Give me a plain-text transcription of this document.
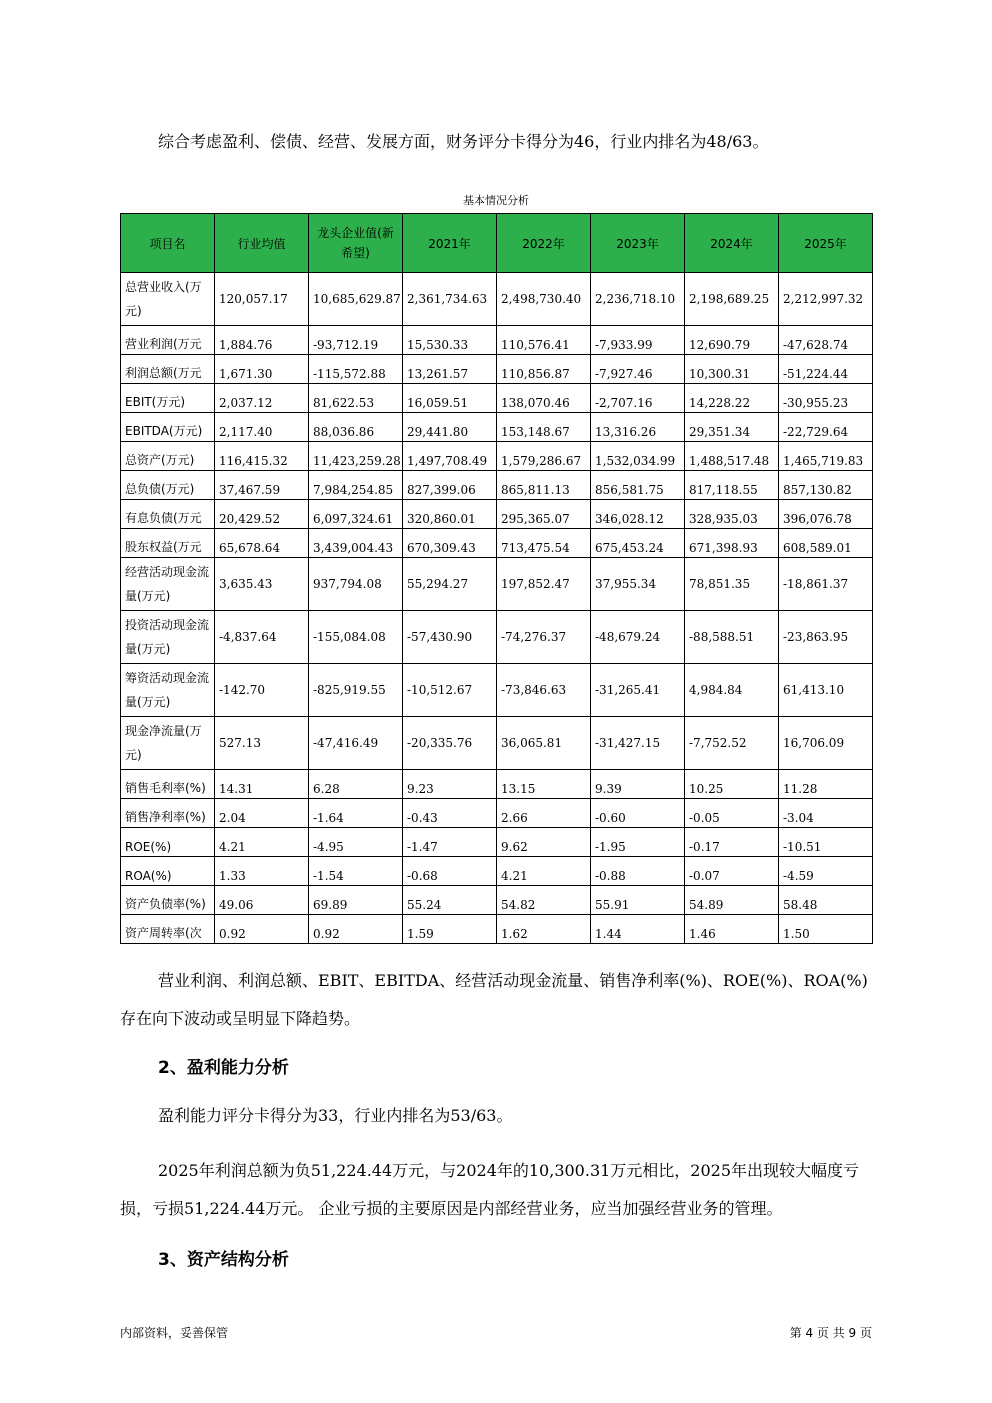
综合考虑盈利、偿债、经营、发展方面，财务评分卡得分为46，行业内排名为48/63。
基本情况分析
项目名	行业均值	龙头企业值(新希望)	2021年	2022年	2023年	2024年	2025年
总营业收入(万元)	120,057.17	10,685,629.87	2,361,734.63	2,498,730.40	2,236,718.10	2,198,689.25	2,212,997.32
营业利润(万元	1,884.76	-93,712.19	15,530.33	110,576.41	-7,933.99	12,690.79	-47,628.74
利润总额(万元	1,671.30	-115,572.88	13,261.57	110,856.87	-7,927.46	10,300.31	-51,224.44
EBIT(万元)	2,037.12	81,622.53	16,059.51	138,070.46	-2,707.16	14,228.22	-30,955.23
EBITDA(万元)	2,117.40	88,036.86	29,441.80	153,148.67	13,316.26	29,351.34	-22,729.64
总资产(万元)	116,415.32	11,423,259.28	1,497,708.49	1,579,286.67	1,532,034.99	1,488,517.48	1,465,719.83
总负债(万元)	37,467.59	7,984,254.85	827,399.06	865,811.13	856,581.75	817,118.55	857,130.82
有息负债(万元	20,429.52	6,097,324.61	320,860.01	295,365.07	346,028.12	328,935.03	396,076.78
股东权益(万元	65,678.64	3,439,004.43	670,309.43	713,475.54	675,453.24	671,398.93	608,589.01
经营活动现金流量(万元)	3,635.43	937,794.08	55,294.27	197,852.47	37,955.34	78,851.35	-18,861.37
投资活动现金流量(万元)	-4,837.64	-155,084.08	-57,430.90	-74,276.37	-48,679.24	-88,588.51	-23,863.95
筹资活动现金流量(万元)	-142.70	-825,919.55	-10,512.67	-73,846.63	-31,265.41	4,984.84	61,413.10
现金净流量(万元)	527.13	-47,416.49	-20,335.76	36,065.81	-31,427.15	-7,752.52	16,706.09
销售毛利率(%)	14.31	6.28	9.23	13.15	9.39	10.25	11.28
销售净利率(%)	2.04	-1.64	-0.43	2.66	-0.60	-0.05	-3.04
ROE(%)	4.21	-4.95	-1.47	9.62	-1.95	-0.17	-10.51
ROA(%)	1.33	-1.54	-0.68	4.21	-0.88	-0.07	-4.59
资产负债率(%)	49.06	69.89	55.24	54.82	55.91	54.89	58.48
资产周转率(次	0.92	0.92	1.59	1.62	1.44	1.46	1.50
营业利润、利润总额、EBIT、EBITDA、经营活动现金流量、销售净利率(%)、ROE(%)、ROA(%)存在向下波动或呈明显下降趋势。
2、盈利能力分析
盈利能力评分卡得分为33，行业内排名为53/63。
2025年利润总额为负51,224.44万元，与2024年的10,300.31万元相比，2025年出现较大幅度亏损，亏损51,224.44万元。 企业亏损的主要原因是内部经营业务，应当加强经营业务的管理。
3、资产结构分析
内部资料，妥善保管	第 4 页 共 9 页
